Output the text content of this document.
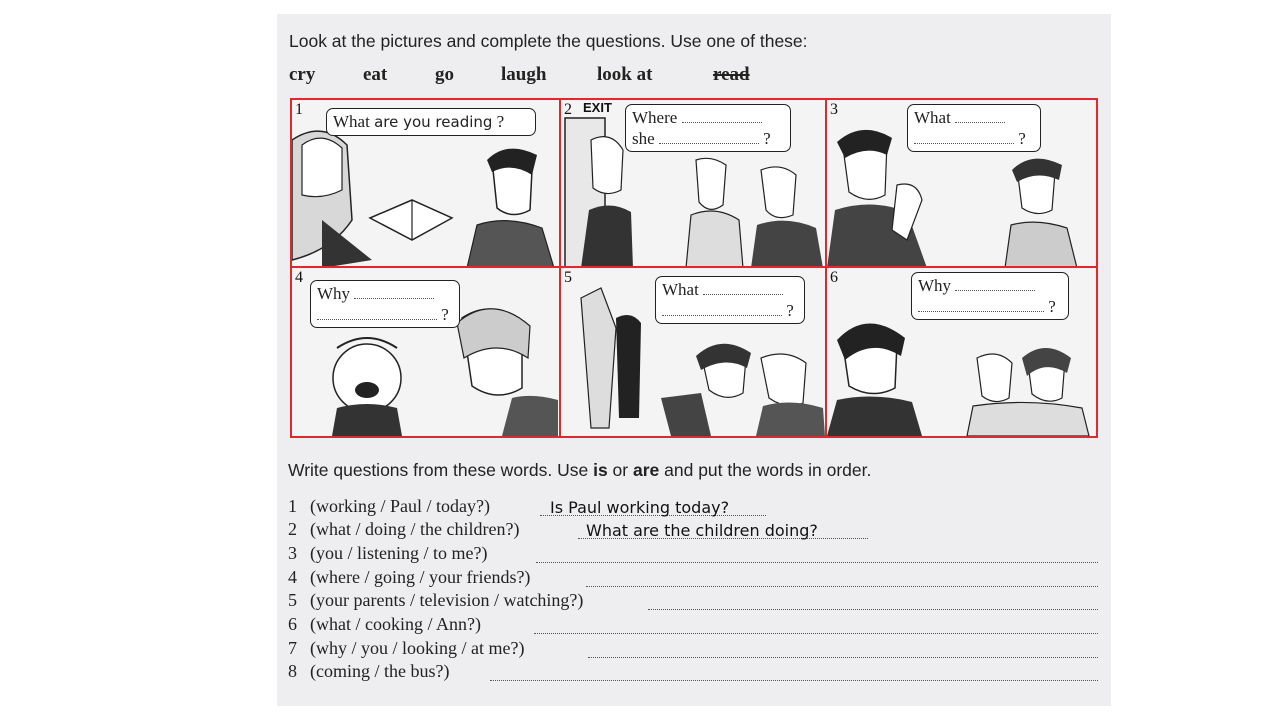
Look at the pictures and complete the questions. Use one of these:
cry	eat	go laugh	look at	read
1
What are you reading ?
2 EXIT
Where
she	?
3	What
?
4
Why
?
5
What
?
6	Why
?
Write questions from these words. Use is or are and put the words in order.
1 (working / Paul / today?)	Is Paul working today?
2 (what / doing / the children?)	What are the children doing?
3 (you / listening / to me?)
4 (where / going / your friends?)
5 (your parents / television / watching?)
6 (what / cooking / Ann?)
7 (why / you / looking / at me?)
8 (coming / the bus?)
